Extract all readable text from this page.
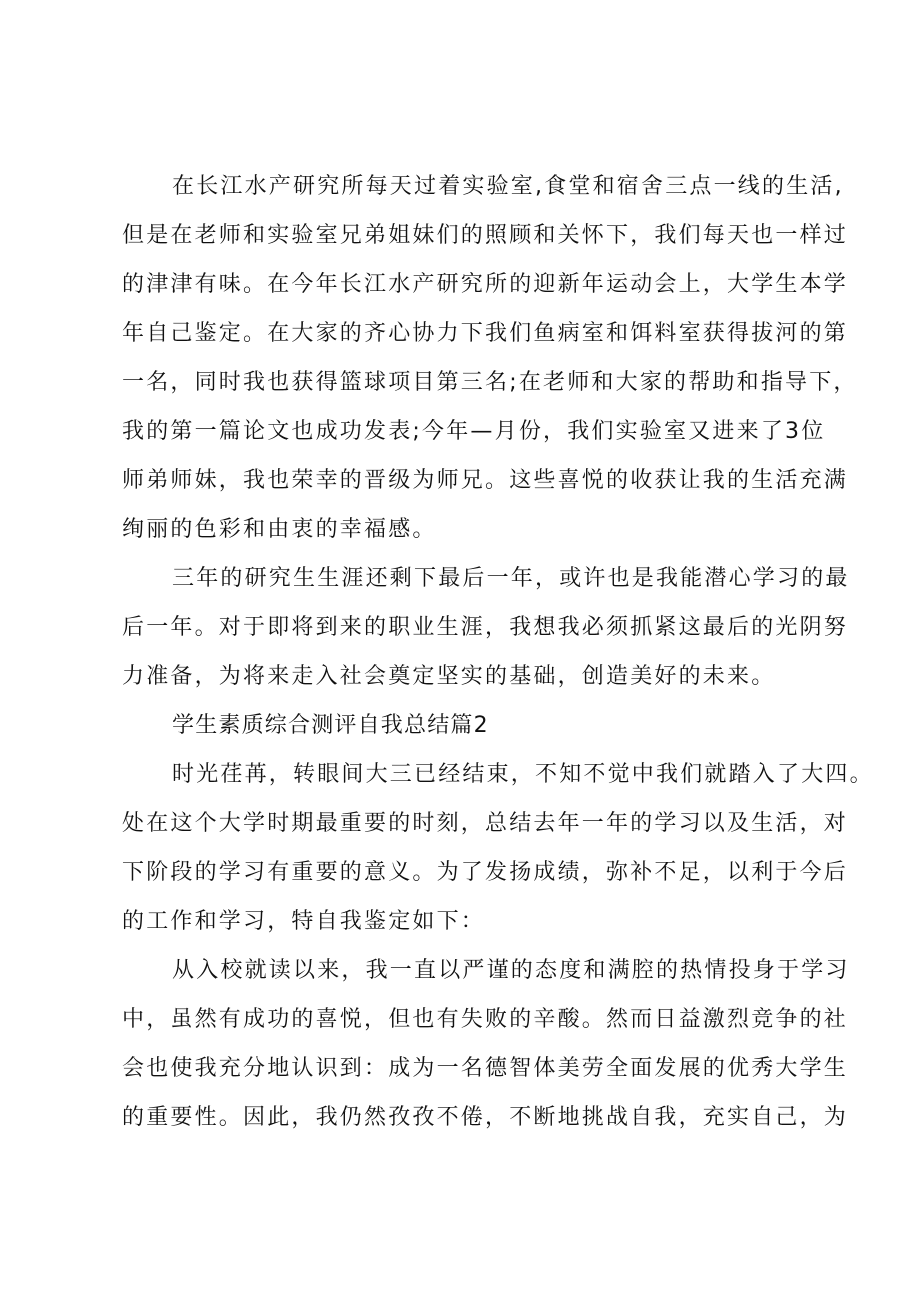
在长江水产研究所每天过着实验室,食堂和宿舍三点一线的生活,
但是在老师和实验室兄弟姐妹们的照顾和关怀下，我们每天也一样过
的津津有味。在今年长江水产研究所的迎新年运动会上，大学生本学
年自己鉴定。在大家的齐心协力下我们鱼病室和饵料室获得拔河的第
一名，同时我也获得篮球项目第三名;在老师和大家的帮助和指导下，
我的第一篇论文也成功发表;今年—月份，我们实验室又进来了3位
师弟师妹，我也荣幸的晋级为师兄。这些喜悦的收获让我的生活充满
绚丽的色彩和由衷的幸福感。
三年的研究生生涯还剩下最后一年，或许也是我能潜心学习的最
后一年。对于即将到来的职业生涯，我想我必须抓紧这最后的光阴努
力准备，为将来走入社会奠定坚实的基础，创造美好的未来。
学生素质综合测评自我总结篇2
时光荏苒，转眼间大三已经结束，不知不觉中我们就踏入了大四。
处在这个大学时期最重要的时刻，总结去年一年的学习以及生活，对
下阶段的学习有重要的意义。为了发扬成绩，弥补不足，以利于今后
的工作和学习，特自我鉴定如下：
从入校就读以来，我一直以严谨的态度和满腔的热情投身于学习
中，虽然有成功的喜悦，但也有失败的辛酸。然而日益激烈竞争的社
会也使我充分地认识到：成为一名德智体美劳全面发展的优秀大学生
的重要性。因此，我仍然孜孜不倦，不断地挑战自我，充实自己，为
